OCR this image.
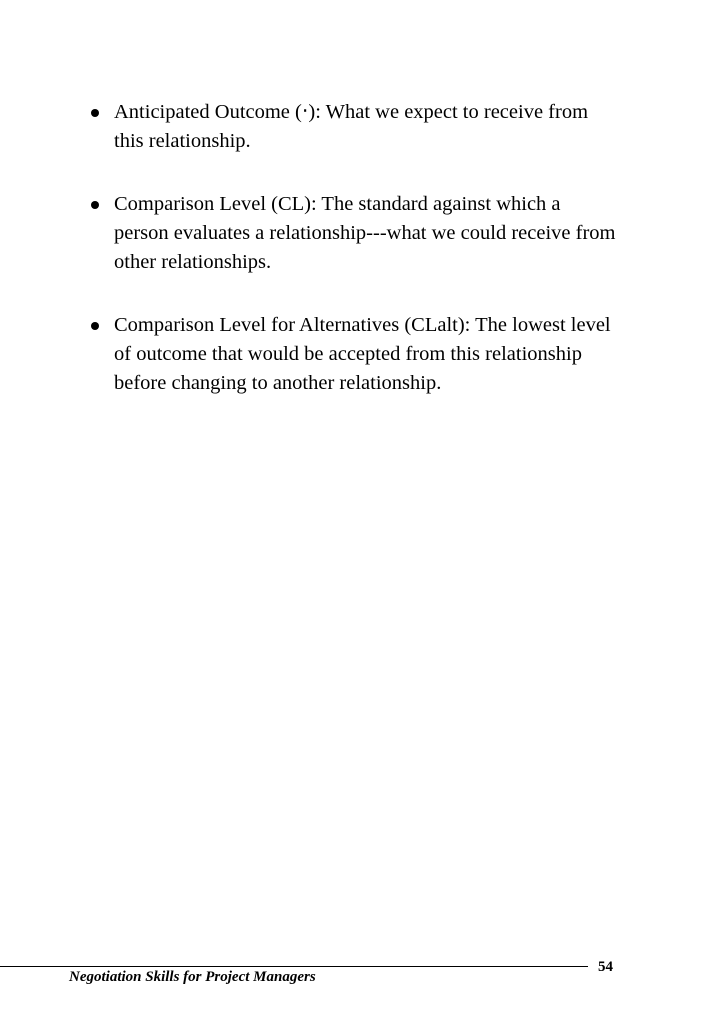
Anticipated Outcome (‧): What we expect to receive from this relationship.
Comparison Level (CL): The standard against which a person evaluates a relationship---what we could receive from other relationships.
Comparison Level for Alternatives (CLalt): The lowest level of outcome that would be accepted from this relationship before changing to another relationship.
Negotiation Skills for Project Managers
54
